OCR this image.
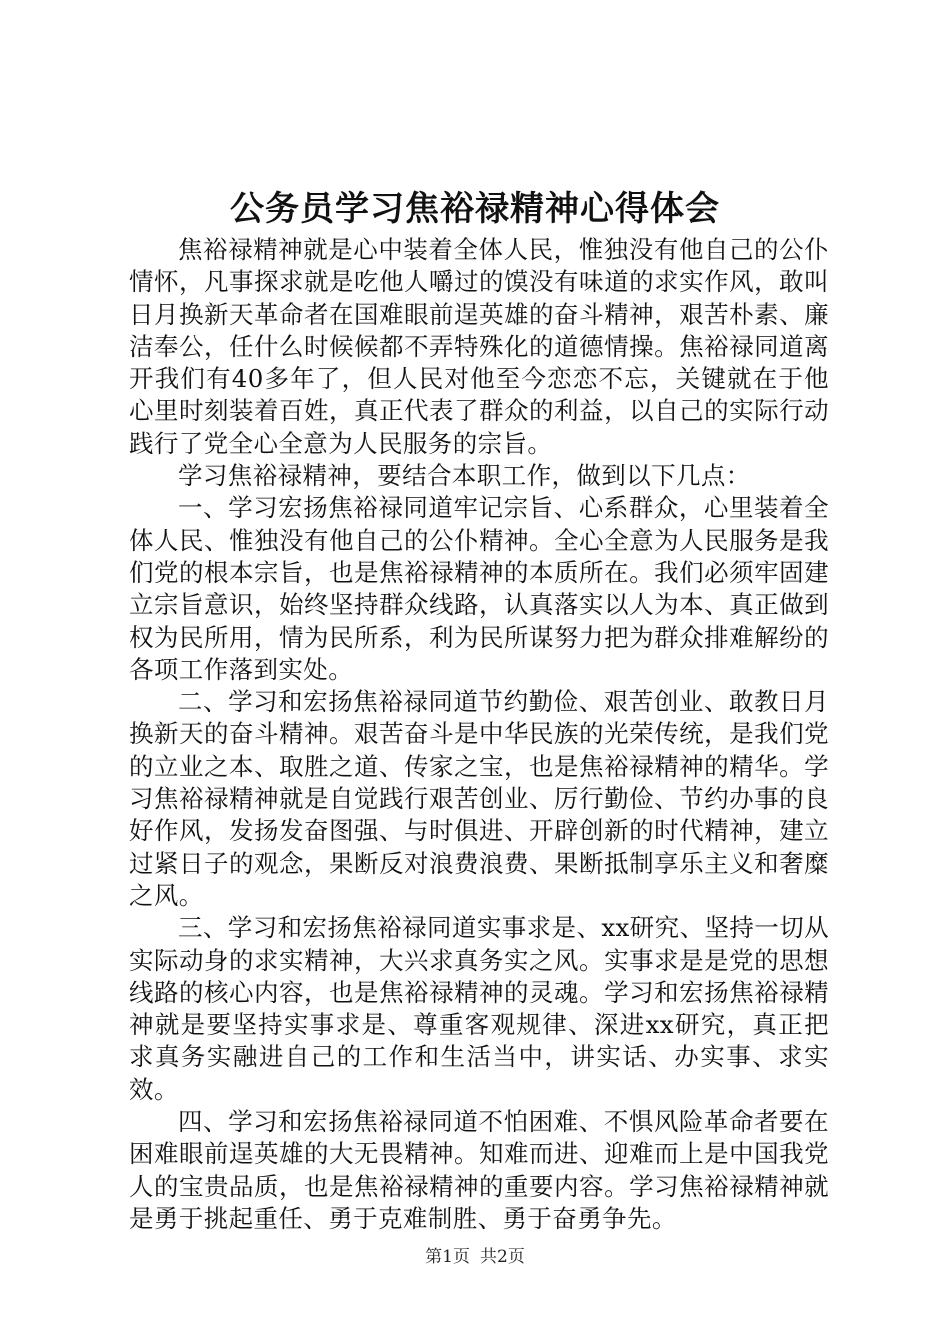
公务员学习焦裕禄精神心得体会

焦裕禄精神就是心中装着全体人民，惟独没有他自己的公仆情怀，凡事探求就是吃他人嚼过的馍没有味道的求实作风，敢叫日月换新天革命者在国难眼前逞英雄的奋斗精神，艰苦朴素、廉洁奉公，任什么时候候都不弄特殊化的道德情操。焦裕禄同道离开我们有40多年了，但人民对他至今恋恋不忘，关键就在于他心里时刻装着百姓，真正代表了群众的利益，以自己的实际行动践行了党全心全意为人民服务的宗旨。

学习焦裕禄精神，要结合本职工作，做到以下几点：

一、学习宏扬焦裕禄同道牢记宗旨、心系群众，心里装着全体人民、惟独没有他自己的公仆精神。全心全意为人民服务是我们党的根本宗旨，也是焦裕禄精神的本质所在。我们必须牢固建立宗旨意识，始终坚持群众线路，认真落实以人为本、真正做到权为民所用，情为民所系，利为民所谋努力把为群众排难解纷的各项工作落到实处。

二、学习和宏扬焦裕禄同道节约勤俭、艰苦创业、敢教日月换新天的奋斗精神。艰苦奋斗是中华民族的光荣传统，是我们党的立业之本、取胜之道、传家之宝，也是焦裕禄精神的精华。学习焦裕禄精神就是自觉践行艰苦创业、厉行勤俭、节约办事的良好作风，发扬发奋图强、与时俱进、开辟创新的时代精神，建立过紧日子的观念，果断反对浪费浪费、果断抵制享乐主义和奢糜之风。

三、学习和宏扬焦裕禄同道实事求是、xx研究、坚持一切从实际动身的求实精神，大兴求真务实之风。实事求是是党的思想线路的核心内容，也是焦裕禄精神的灵魂。学习和宏扬焦裕禄精神就是要坚持实事求是、尊重客观规律、深进xx研究，真正把求真务实融进自己的工作和生活当中，讲实话、办实事、求实效。

四、学习和宏扬焦裕禄同道不怕困难、不惧风险革命者要在困难眼前逞英雄的大无畏精神。知难而进、迎难而上是中国我党人的宝贵品质，也是焦裕禄精神的重要内容。学习焦裕禄精神就是勇于挑起重任、勇于克难制胜、勇于奋勇争先。

第1页 共2页
